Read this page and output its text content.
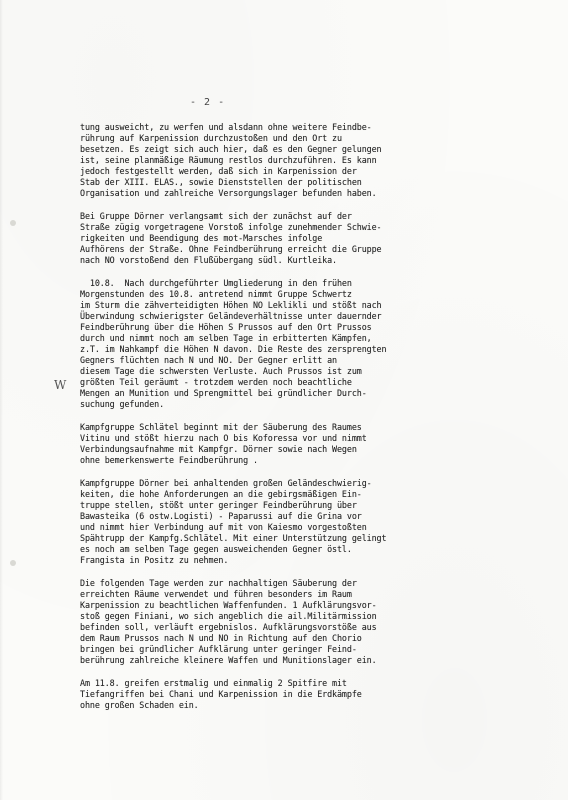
- 2 -
W
tung ausweicht, zu werfen und alsdann ohne weitere Feindbe-
rührung auf Karpenission durchzustoßen und den Ort zu
besetzen. Es zeigt sich auch hier, daß es den Gegner gelungen
ist, seine planmäßige Räumung restlos durchzuführen. Es kann
jedoch festgestellt werden, daß sich in Karpenission der
Stab der XIII. ELAS., sowie Dienststellen der politischen
Organisation und zahlreiche Versorgungslager befunden haben.
Bei Gruppe Dörner verlangsamt sich der zunächst auf der
Straße zügig vorgetragene Vorstoß infolge zunehmender Schwie-
rigkeiten und Beendigung des mot-Marsches infolge
Aufhörens der Straße. Ohne Feindberührung erreicht die Gruppe
nach NO vorstoßend den Flußübergang südl. Kurtleika.
10.8.  Nach durchgeführter Umgliederung in den frühen
Morgenstunden des 10.8. antretend nimmt Gruppe Schwertz
im Sturm die zähverteidigten Höhen NO Leklikli und stößt nach
Überwindung schwierigster Geländeverhältnisse unter dauernder
Feindberührung über die Höhen S Prussos auf den Ort Prussos
durch und nimmt noch am selben Tage in erbitterten Kämpfen,
z.T. im Nahkampf die Höhen N davon. Die Reste des zersprengten
Gegners flüchten nach N und NO. Der Gegner erlitt an
diesem Tage die schwersten Verluste. Auch Prussos ist zum
größten Teil geräumt - trotzdem werden noch beachtliche
Mengen an Munition und Sprengmittel bei gründlicher Durch-
suchung gefunden.
Kampfgruppe Schlätel beginnt mit der Säuberung des Raumes
Vitinu und stößt hierzu nach O bis Koforessa vor und nimmt
Verbindungsaufnahme mit Kampfgr. Dörner sowie nach Wegen
ohne bemerkenswerte Feindberührung .
Kampfgruppe Dörner bei anhaltenden großen Geländeschwierig-
keiten, die hohe Anforderungen an die gebirgsmäßigen Ein-
truppe stellen, stößt unter geringer Feindberührung über
Bawasteika (6 ostw.Logisti) - Paparussi auf die Grina vor
und nimmt hier Verbindung auf mit von Kaiesmo vorgestoßten
Spähtrupp der Kampfg.Schlätel. Mit einer Unterstützung gelingt
es noch am selben Tage gegen ausweichenden Gegner östl.
Frangista in Positz zu nehmen.
Die folgenden Tage werden zur nachhaltigen Säuberung der
erreichten Räume verwendet und führen besonders im Raum
Karpenission zu beachtlichen Waffenfunden. 1 Aufklärungsvor-
stoß gegen Finiani, wo sich angeblich die ail.Militärmission
befinden soll, verläuft ergebnislos. Aufklärungsvorstöße aus
dem Raum Prussos nach N und NO in Richtung auf den Chorio
bringen bei gründlicher Aufklärung unter geringer Feind-
berührung zahlreiche kleinere Waffen und Munitionslager ein.
Am 11.8. greifen erstmalig und einmalig 2 Spitfire mit
Tiefangriffen bei Chani und Karpenission in die Erdkämpfe
ohne großen Schaden ein.
